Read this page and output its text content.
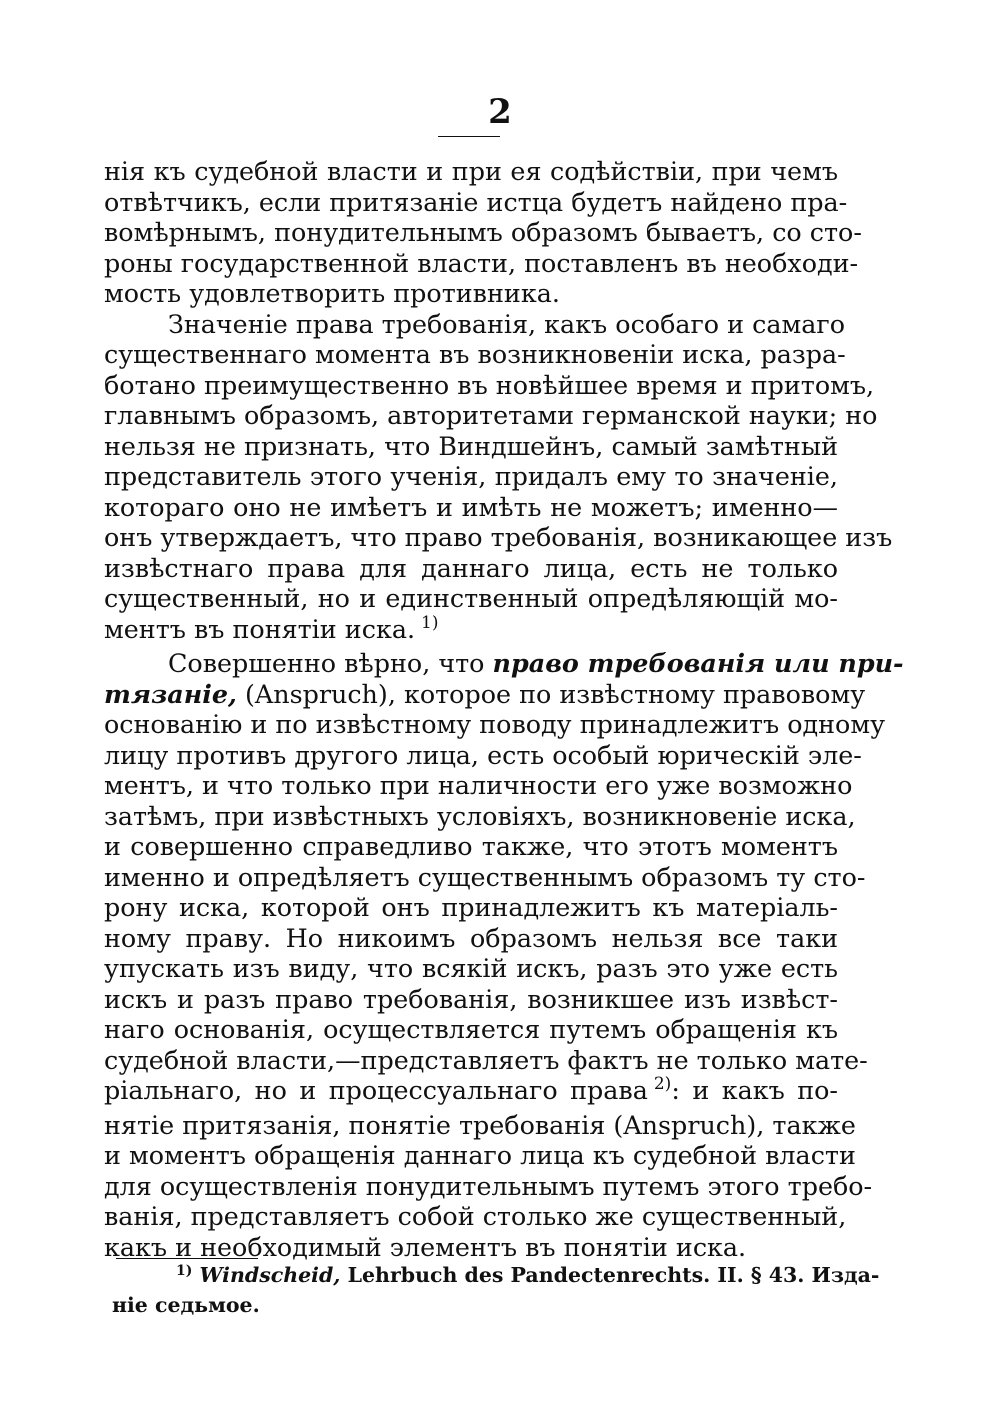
2
нія къ судебной власти и при ея содѣйствіи, при чемъ
отвѣтчикъ, если притязаніе истца будетъ найдено пра-
вомѣрнымъ, понудительнымъ образомъ бываетъ, со сто-
роны государственной власти, поставленъ въ необходи-
мость удовлетворить противника.
Значеніе права требованія, какъ особаго и самаго
существеннаго момента въ возникновеніи иска, разра-
ботано преимущественно въ новѣйшее время и притомъ,
главнымъ образомъ, авторитетами германской науки; но
нельзя не признать, что Виндшейнъ, самый замѣтный
представитель этого ученія, придалъ ему то значеніе,
котораго оно не имѣетъ и имѣть не можетъ; именно—
онъ утверждаетъ, что право требованія, возникающее изъ
извѣстнаго права для даннаго лица, есть не только
существенный, но и единственный опредѣляющій мо-
ментъ въ понятіи иска. $^{1)}$
Совершенно вѣрно, что право требованія или при-
тязаніе, (Anspruch), которое по извѣстному правовому
основанію и по извѣстному поводу принадлежитъ одному
лицу противъ другого лица, есть особый юрическій эле-
ментъ, и что только при наличности его уже возможно
затѣмъ, при извѣстныхъ условіяхъ, возникновеніе иска,
и совершенно справедливо также, что этотъ моментъ
именно и опредѣляетъ существеннымъ образомъ ту сто-
рону иска, которой онъ принадлежитъ къ матеріаль-
ному праву. Но никоимъ образомъ нельзя все таки
упускать изъ виду, что всякій искъ, разъ это уже есть
искъ и разъ право требованія, возникшее изъ извѣст-
наго основанія, осуществляется путемъ обращенія къ
судебной власти,—представляетъ фактъ не только мате-
ріальнаго, но и процессуальнаго права $^{2)}$: и какъ по-
нятіе притязанія, понятіе требованія (Anspruch), также
и моментъ обращенія даннаго лица къ судебной власти
для осуществленія понудительнымъ путемъ этого требо-
ванія, представляетъ собой столько же существенный,
какъ и необходимый элементъ въ понятіи иска.
$^{1)}$ Windscheid, Lehrbuch des Pandectenrechts. II. § 43. Изда-
ніе седьмое.
